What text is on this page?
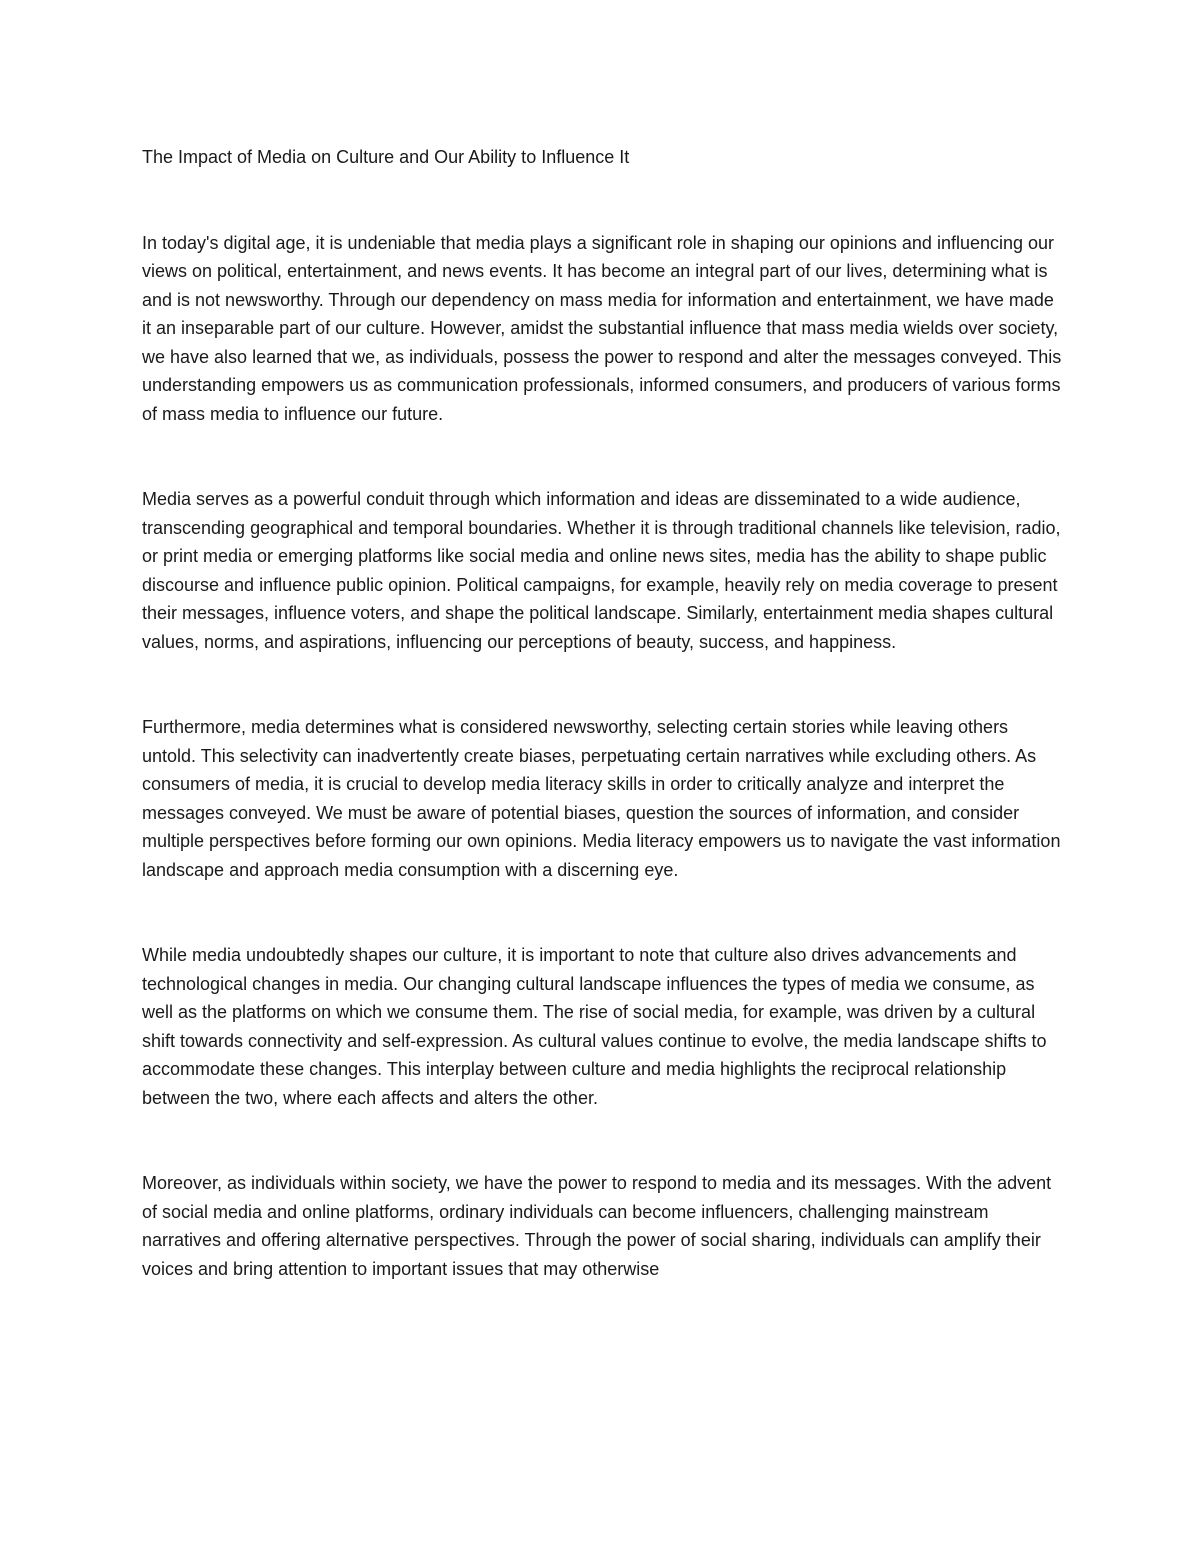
The Impact of Media on Culture and Our Ability to Influence It

In today's digital age, it is undeniable that media plays a significant role in shaping our opinions and influencing our views on political, entertainment, and news events. It has become an integral part of our lives, determining what is and is not newsworthy. Through our dependency on mass media for information and entertainment, we have made it an inseparable part of our culture. However, amidst the substantial influence that mass media wields over society, we have also learned that we, as individuals, possess the power to respond and alter the messages conveyed. This understanding empowers us as communication professionals, informed consumers, and producers of various forms of mass media to influence our future.

Media serves as a powerful conduit through which information and ideas are disseminated to a wide audience, transcending geographical and temporal boundaries. Whether it is through traditional channels like television, radio, or print media or emerging platforms like social media and online news sites, media has the ability to shape public discourse and influence public opinion. Political campaigns, for example, heavily rely on media coverage to present their messages, influence voters, and shape the political landscape. Similarly, entertainment media shapes cultural values, norms, and aspirations, influencing our perceptions of beauty, success, and happiness.

Furthermore, media determines what is considered newsworthy, selecting certain stories while leaving others untold. This selectivity can inadvertently create biases, perpetuating certain narratives while excluding others. As consumers of media, it is crucial to develop media literacy skills in order to critically analyze and interpret the messages conveyed. We must be aware of potential biases, question the sources of information, and consider multiple perspectives before forming our own opinions. Media literacy empowers us to navigate the vast information landscape and approach media consumption with a discerning eye.

While media undoubtedly shapes our culture, it is important to note that culture also drives advancements and technological changes in media. Our changing cultural landscape influences the types of media we consume, as well as the platforms on which we consume them. The rise of social media, for example, was driven by a cultural shift towards connectivity and self-expression. As cultural values continue to evolve, the media landscape shifts to accommodate these changes. This interplay between culture and media highlights the reciprocal relationship between the two, where each affects and alters the other.

Moreover, as individuals within society, we have the power to respond to media and its messages. With the advent of social media and online platforms, ordinary individuals can become influencers, challenging mainstream narratives and offering alternative perspectives. Through the power of social sharing, individuals can amplify their voices and bring attention to important issues that may otherwise
